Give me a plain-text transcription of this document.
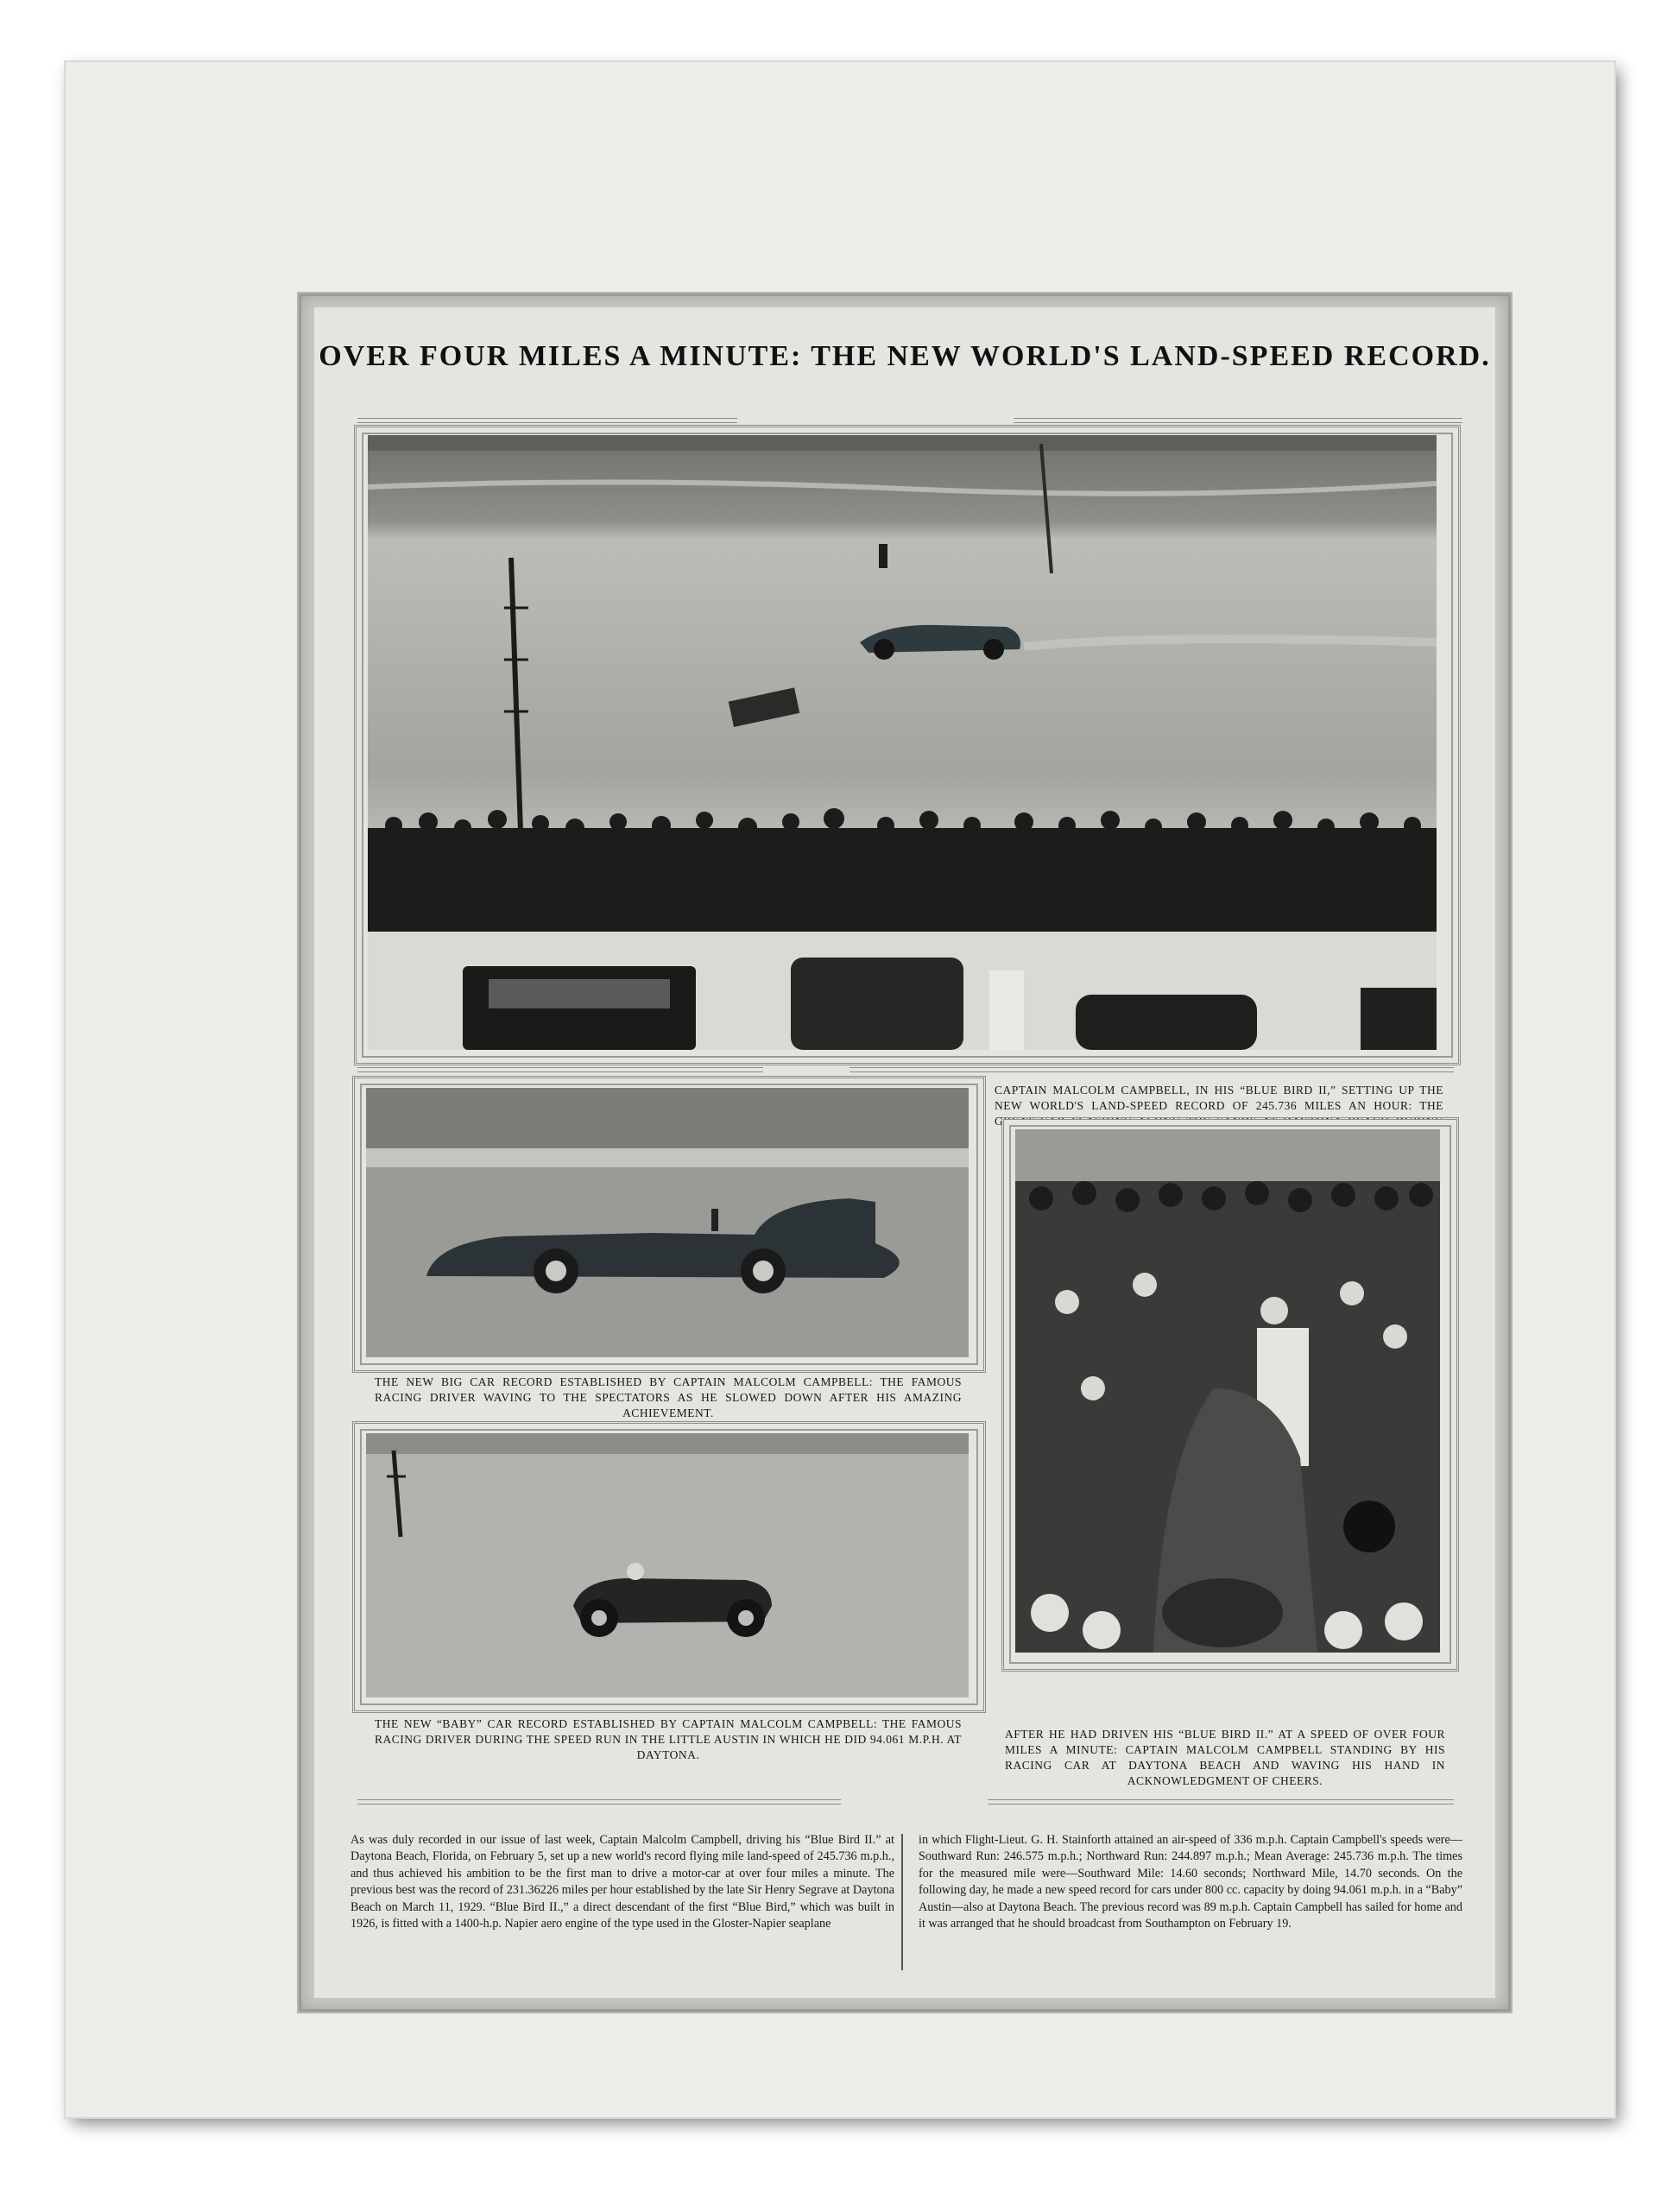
OVER FOUR MILES A MINUTE: THE NEW WORLD'S LAND-SPEED RECORD.
CAPTAIN MALCOLM CAMPBELL, IN HIS “BLUE BIRD II,” SETTING UP THE NEW WORLD'S LAND-SPEED RECORD OF 245.736 MILES AN HOUR: THE GREAT CAR FLASHING ALONG THE SANDS AT DAYTONA BEACH DURING
THE NEW BIG CAR RECORD ESTABLISHED BY CAPTAIN MALCOLM CAMPBELL: THE FAMOUS RACING DRIVER WAVING TO THE SPECTATORS AS HE SLOWED DOWN AFTER HIS AMAZING ACHIEVEMENT.
THE NEW “BABY” CAR RECORD ESTABLISHED BY CAPTAIN MALCOLM CAMPBELL: THE FAMOUS RACING DRIVER DURING THE SPEED RUN IN THE LITTLE AUSTIN IN WHICH HE DID 94.061 M.P.H. AT DAYTONA.
AFTER HE HAD DRIVEN HIS “BLUE BIRD II.” AT A SPEED OF OVER FOUR MILES A MINUTE: CAPTAIN MALCOLM CAMPBELL STANDING BY HIS RACING CAR AT DAYTONA BEACH AND WAVING HIS HAND IN ACKNOWLEDGMENT OF CHEERS.
As was duly recorded in our issue of last week, Captain Malcolm Campbell, driving his “Blue Bird II.” at Daytona Beach, Florida, on February 5, set up a new world's record flying mile land-speed of 245.736 m.p.h., and thus achieved his ambition to be the first man to drive a motor-car at over four miles a minute. The previous best was the record of 231.36226 miles per hour established by the late Sir Henry Segrave at Daytona Beach on March 11, 1929. “Blue Bird II.,” a direct descendant of the first “Blue Bird,” which was built in 1926, is fitted with a 1400-h.p. Napier aero engine of the type used in the Gloster-Napier seaplane
in which Flight-Lieut. G. H. Stainforth attained an air-speed of 336 m.p.h. Captain Campbell's speeds were—Southward Run: 246.575 m.p.h.; Northward Run: 244.897 m.p.h.; Mean Average: 245.736 m.p.h. The times for the measured mile were—Southward Mile: 14.60 seconds; Northward Mile, 14.70 seconds. On the following day, he made a new speed record for cars under 800 cc. capacity by doing 94.061 m.p.h. in a “Baby” Austin—also at Daytona Beach. The previous record was 89 m.p.h. Captain Campbell has sailed for home and it was arranged that he should broadcast from Southampton on February 19.
